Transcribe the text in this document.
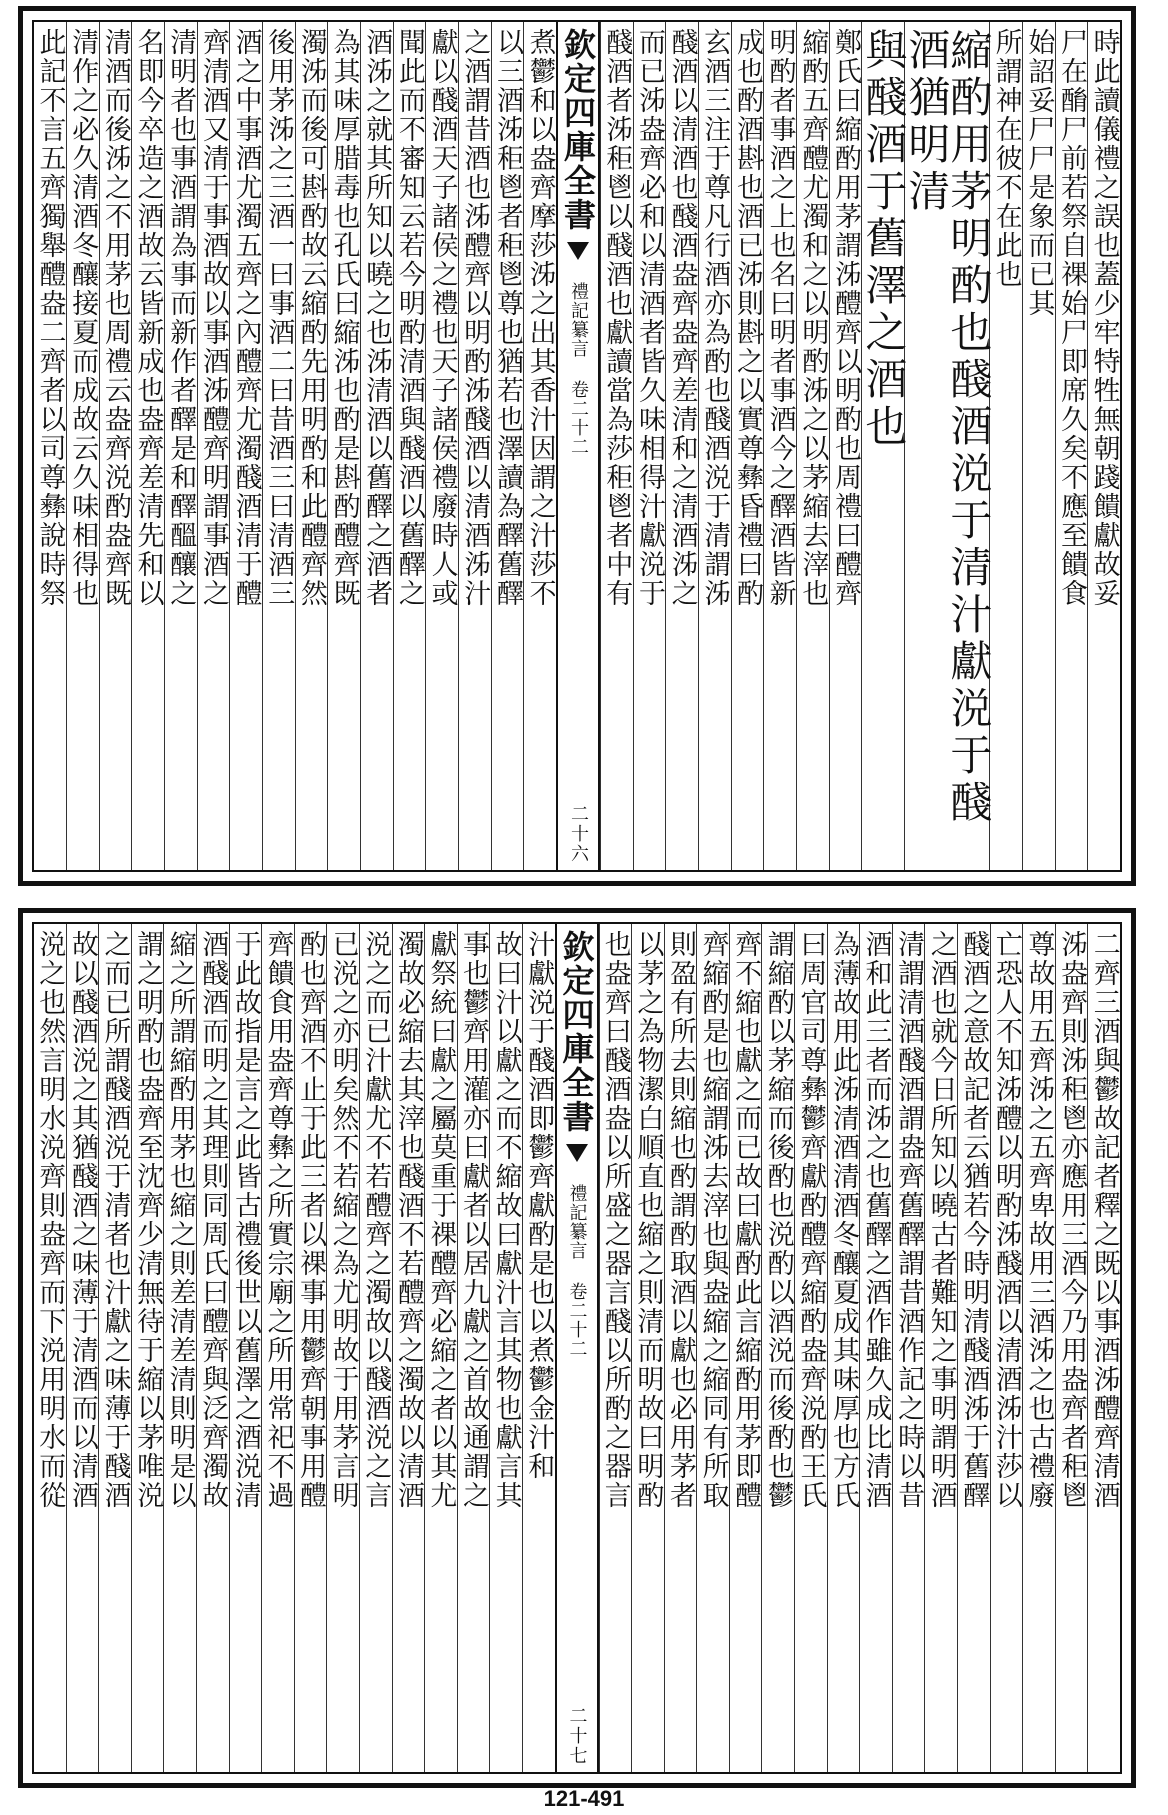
時此讀儀禮之誤也蓋少牢特牲無朝踐饋獻故妥
尸在酳尸前若祭自祼始尸即席久矣不應至饋食
始詔妥尸尸是象而已其
所謂神在彼不在此也
縮酌用茅明酌也醆酒涚于清汁獻涚于醆酒猶明清
與醆酒于舊澤之酒也
鄭氏曰縮酌用茅謂泲醴齊以明酌也周禮曰醴齊
縮酌五齊醴尤濁和之以明酌泲之以茅縮去滓也
明酌者事酒之上也名曰明者事酒今之醳酒皆新
成也酌酒斟也酒已泲則斟之以實尊彝昏禮曰酌
玄酒三注于尊凡行酒亦為酌也醆酒涚于清謂泲
醆酒以清酒也醆酒盎齊盎齊差清和之清酒泲之
而已泲盎齊必和以清酒者皆久味相得汁獻涚于
醆酒者泲秬鬯以醆酒也獻讀當為莎秬鬯者中有
欽定四庫全書
禮記纂言 卷二十二
二十六
煮鬱和以盎齊摩莎泲之出其香汁因謂之汁莎不
以三酒泲秬鬯者秬鬯尊也猶若也澤讀為醳舊醳
之酒謂昔酒也泲醴齊以明酌泲醆酒以清酒泲汁
獻以醆酒天子諸侯之禮也天子諸侯禮廢時人或
聞此而不審知云若今明酌清酒與醆酒以舊醳之
酒泲之就其所知以曉之也泲清酒以舊醳之酒者
為其味厚腊毒也孔氏曰縮泲也酌是斟酌醴齊既
濁泲而後可斟酌故云縮酌先用明酌和此醴齊然
後用茅泲之三酒一曰事酒二曰昔酒三曰清酒三
酒之中事酒尤濁五齊之內醴齊尤濁醆酒清于醴
齊清酒又清于事酒故以事酒泲醴齊明謂事酒之
清明者也事酒謂為事而新作者醳是和醳醞釀之
名即今卒造之酒故云皆新成也盎齊差清先和以
清酒而後泲之不用茅也周禮云盎齊涚酌盎齊既
清作之必久清酒冬釀接夏而成故云久味相得也
此記不言五齊獨舉醴盎二齊者以司尊彝說時祭
二齊三酒與鬱故記者釋之既以事酒泲醴齊清酒
泲盎齊則泲秬鬯亦應用三酒今乃用盎齊者秬鬯
尊故用五齊泲之五齊卑故用三酒泲之也古禮廢
亡恐人不知泲醴以明酌泲醆酒以清酒泲汁莎以
醆酒之意故記者云猶若今時明清醆酒泲于舊醳
之酒也就今日所知以曉古者難知之事明謂明酒
清謂清酒醆酒謂盎齊舊醳謂昔酒作記之時以昔
酒和此三者而泲之也舊醳之酒作雖久成比清酒
為薄故用此泲清酒清酒冬釀夏成其味厚也方氏
曰周官司尊彝鬱齊獻酌醴齊縮酌盎齊涚酌王氏
謂縮酌以茅縮而後酌也涚酌以酒涚而後酌也鬱
齊不縮也獻之而已故曰獻酌此言縮酌用茅即醴
齊縮酌是也縮謂泲去滓也與盎縮之縮同有所取
則盈有所去則縮也酌謂酌取酒以獻也必用茅者
以茅之為物潔白順直也縮之則清而明故曰明酌
也盎齊曰醆酒盎以所盛之器言醆以所酌之器言
欽定四庫全書
禮記纂言 卷二十二
二十七
汁獻涚于醆酒即鬱齊獻酌是也以煮鬱金汁和
故曰汁以獻之而不縮故曰獻汁言其物也獻言其
事也鬱齊用灌亦曰獻者以居九獻之首故通謂之
獻祭統曰獻之屬莫重于祼醴齊必縮之者以其尤
濁故必縮去其滓也醆酒不若醴齊之濁故以清酒
涚之而已汁獻尤不若醴齊之濁故以醆酒涚之言
已涚之亦明矣然不若縮之為尤明故于用茅言明
酌也齊酒不止于此三者以祼事用鬱齊朝事用醴
齊饋食用盎齊尊彝之所實宗廟之所用常祀不過
于此故指是言之此皆古禮後世以舊澤之酒涚清
酒醆酒而明之其理則同周氏曰醴齊與泛齊濁故
縮之所謂縮酌用茅也縮之則差清差清則明是以
謂之明酌也盎齊至沈齊少清無待于縮以茅唯涚
之而已所謂醆酒涚于清者也汁獻之味薄于醆酒
故以醆酒涚之其猶醆酒之味薄于清酒而以清酒
涚之也然言明水涚齊則盎齊而下涚用明水而從
121-491
